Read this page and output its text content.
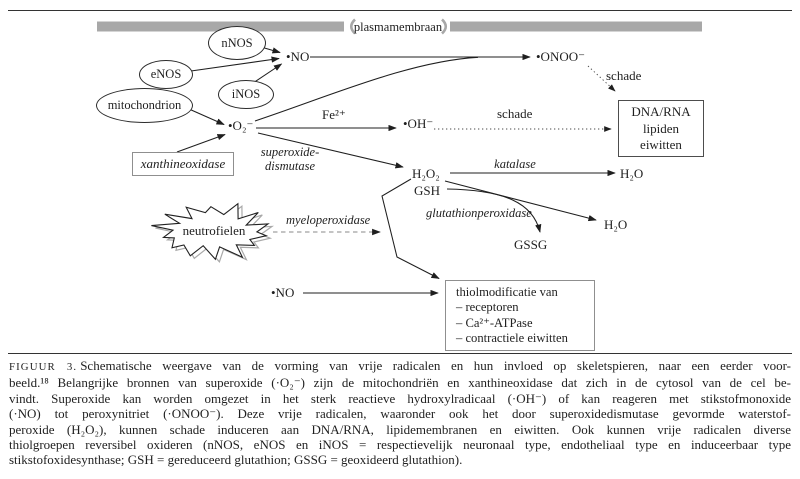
plasmamembraan
nNOS
eNOS
iNOS
mitochondrion
xanthineoxidase
neutrofielen
•NO	•ONOO⁻
•O₂⁻
Fe²⁺
•OH⁻
H₂O₂	H₂O
GSH
H₂O
GSSG
•NO
superoxide-
dismutase	katalase
glutathionperoxidase
myeloperoxidase
schade
schade	DNA/RNA
lipiden
eiwitten
thiolmodificatie van
– receptoren
– Ca²⁺-ATPase
– contractiele eiwitten
FIGUUR 3. Schematische weergave van de vorming van vrije radicalen en hun invloed op skeletspieren, naar een eerder voor-
beeld.¹⁸ Belangrijke bronnen van superoxide (·O₂⁻) zijn de mitochondriën en xanthineoxidase dat zich in de cytosol van de cel be-
vindt. Superoxide kan worden omgezet in het sterk reactieve hydroxylradicaal (·OH⁻) of kan reageren met stikstofmonoxide
(·NO) tot peroxynitriet (·ONOO⁻). Deze vrije radicalen, waaronder ook het door superoxidedismutase gevormde waterstof-
peroxide (H₂O₂), kunnen schade induceren aan DNA/RNA, lipidemembranen en eiwitten. Ook kunnen vrije radicalen diverse
thiolgroepen reversibel oxideren (nNOS, eNOS en iNOS = respectievelijk neuronaal type, endotheliaal type en induceerbaar type
stikstofoxidesynthase; GSH = gereduceerd glutathion; GSSG = geoxideerd glutathion).
